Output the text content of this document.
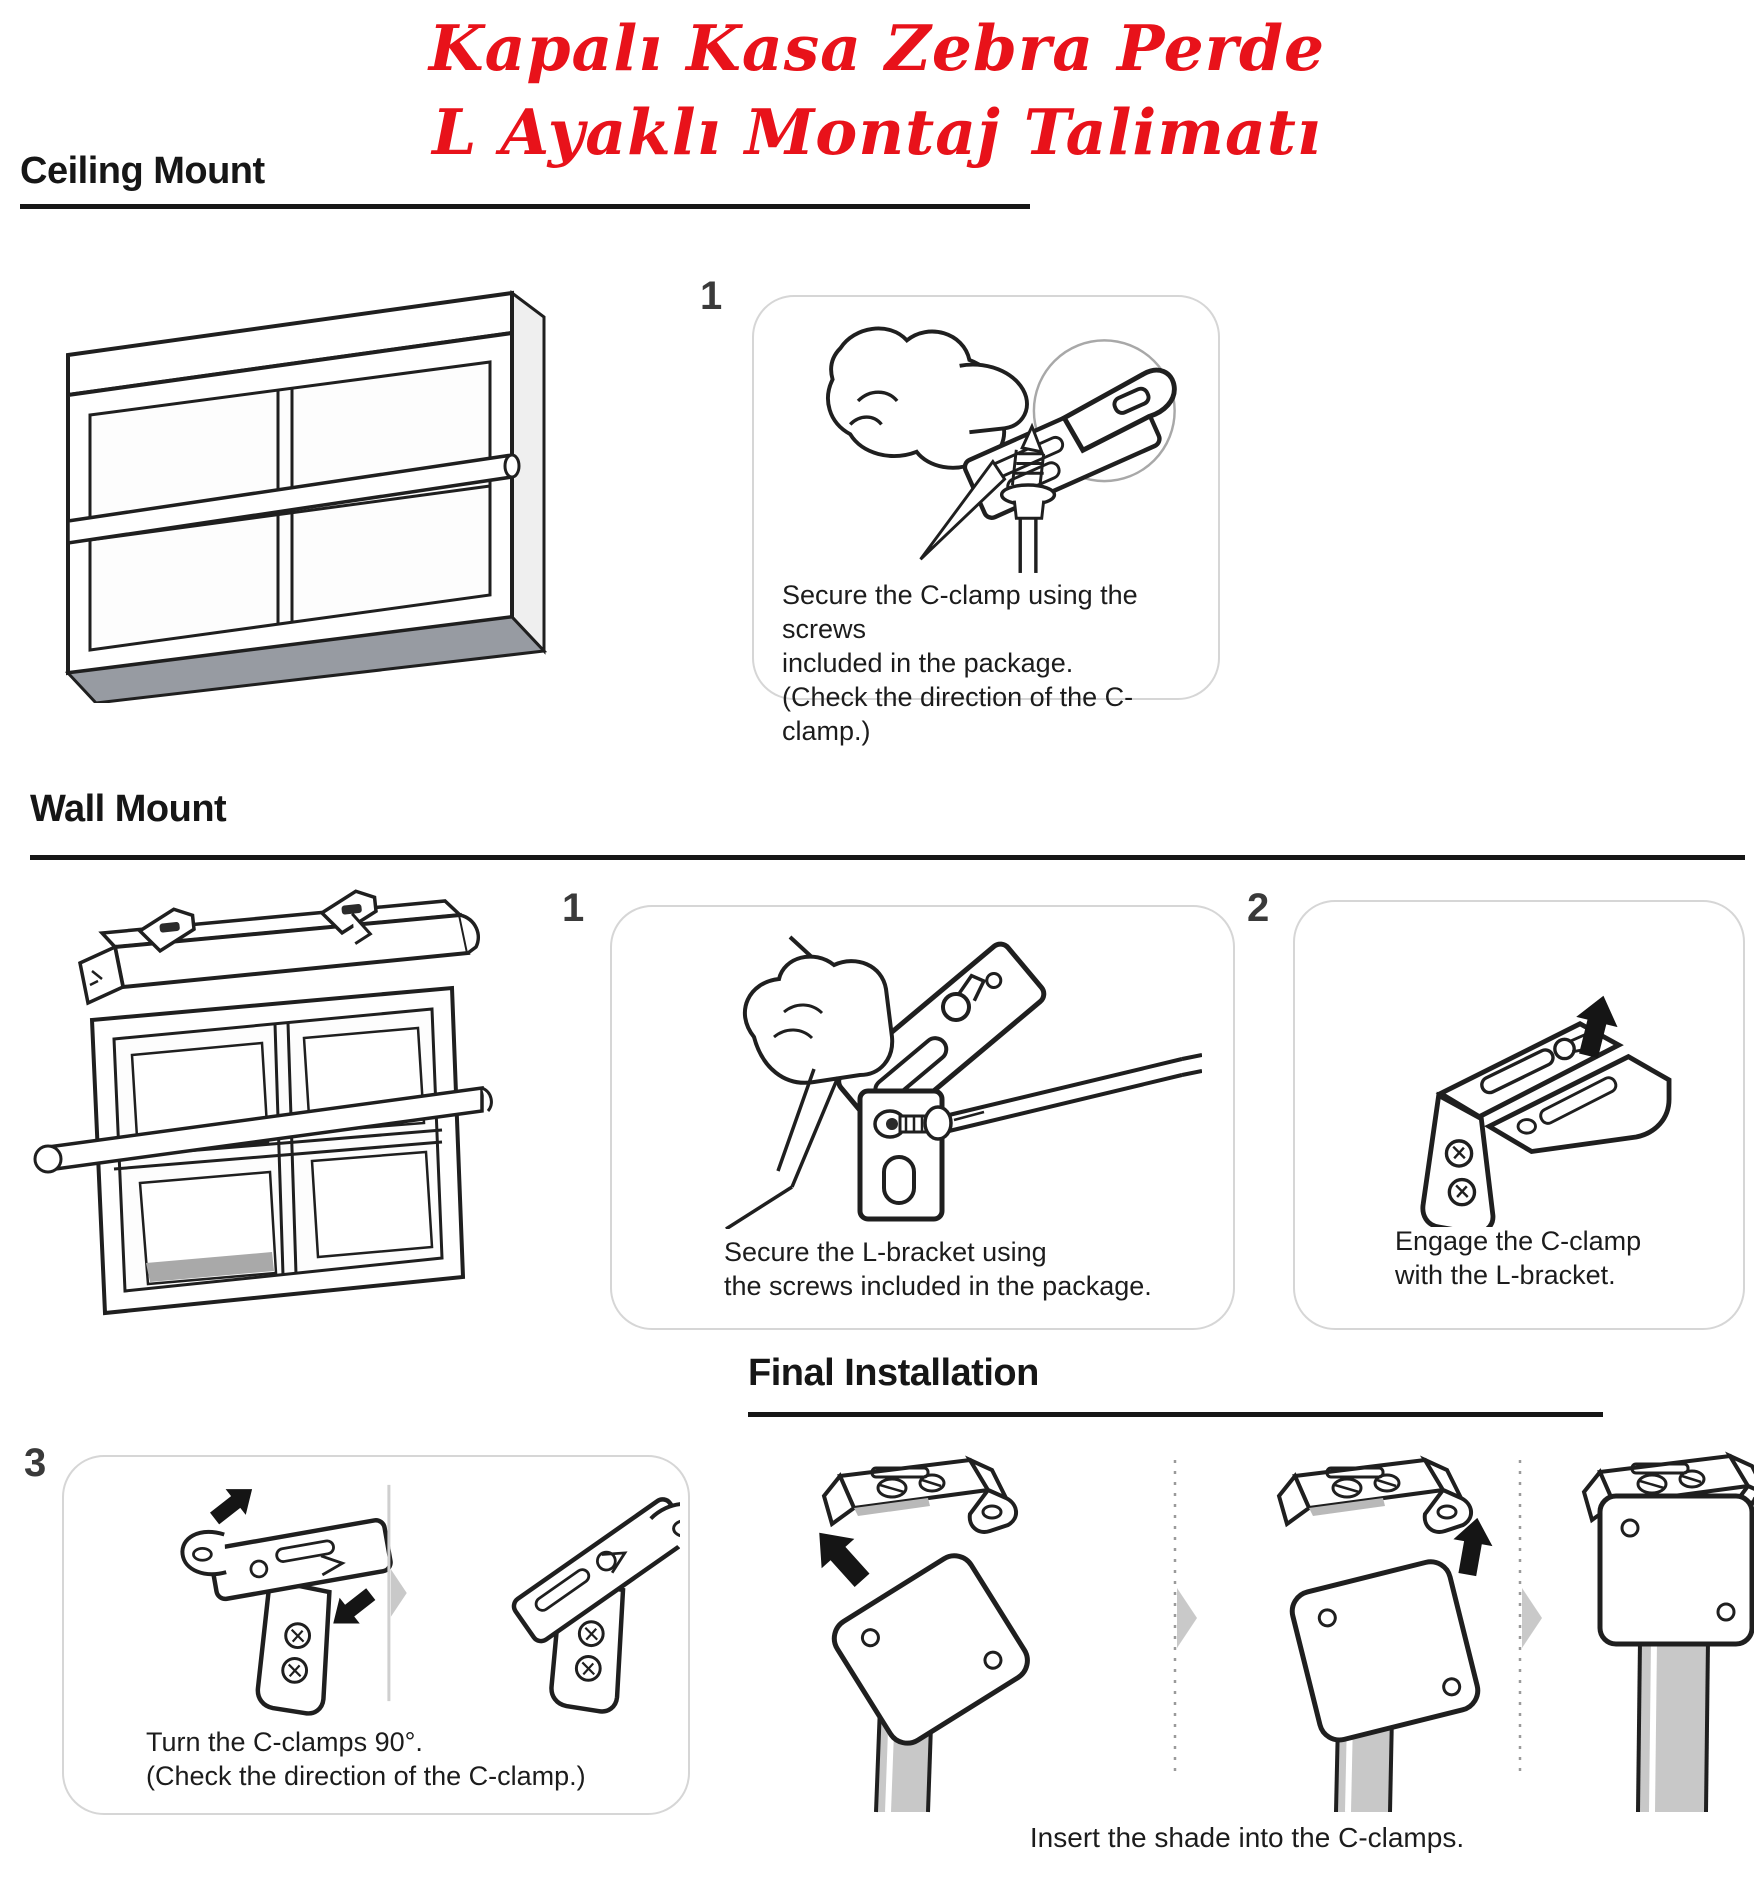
Kapalı Kasa Zebra Perde
L Ayaklı Montaj Talimatı
Ceiling Mount
1
Secure the C-clamp using the screws
included in the package.
(Check the direction of the C-clamp.)
Wall Mount
1
Secure the L-bracket using
the screws included in the package.
2
Engage the C-clamp
with the L-bracket.
Final Installation
3
Turn the C-clamps 90°.
(Check the direction of the C-clamp.)
Insert the shade into the C-clamps.
